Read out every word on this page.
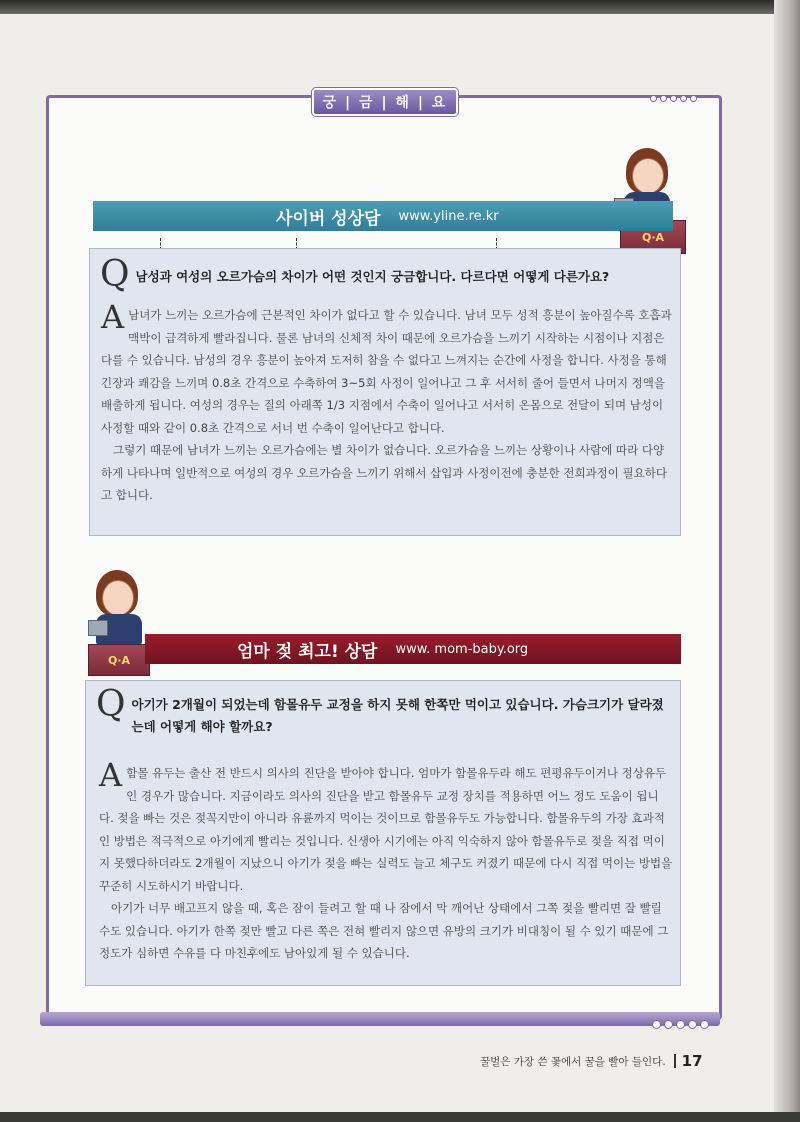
궁 | 금 | 해 | 요
Q·A
사이버 성상담 www.yline.re.kr
Q 남성과 여성의 오르가슴의 차이가 어떤 것인지 궁금합니다. 다르다면 어떻게 다른가요?

A남녀가 느끼는 오르가슴에 근본적인 차이가 없다고 할 수 있습니다. 남녀 모두 성적 흥분이 높아질수록 호흡과 맥박이 급격하게 빨라집니다. 물론 남녀의 신체적 차이 때문에 오르가슴을 느끼기 시작하는 시점이나 지점은 다를 수 있습니다. 남성의 경우 흥분이 높아져 도저히 참을 수 없다고 느껴지는 순간에 사정을 합니다. 사정을 통해 긴장과 쾌감을 느끼며 0.8초 간격으로 수축하여 3~5회 사정이 일어나고 그 후 서서히 줄어 들면서 나머지 정액을 배출하게 됩니다. 여성의 경우는 질의 아래쪽 1/3 지점에서 수축이 일어나고 서서히 온몸으로 전달이 되며 남성이 사정할 때와 같이 0.8초 간격으로 서너 번 수축이 일어난다고 합니다.

그렇기 때문에 남녀가 느끼는 오르가슴에는 별 차이가 없습니다. 오르가슴을 느끼는 상황이나 사람에 따라 다양하게 나타나며 일반적으로 여성의 경우 오르가슴을 느끼기 위해서 삽입과 사정이전에 충분한 전희과정이 필요하다고 합니다.

Q·A	엄마 젖 최고! 상담 www. mom-baby.org
Q 아기가 2개월이 되었는데 함몰유두 교정을 하지 못해 한쪽만 먹이고 있습니다. 가슴크기가 달라졌는데 어떻게 해야 할까요?

A함몰 유두는 출산 전 반드시 의사의 진단을 받아야 합니다. 엄마가 함몰유두라 해도 편평유두이거나 정상유두인 경우가 많습니다. 지금이라도 의사의 진단을 받고 함몰유두 교정 장치를 적용하면 어느 정도 도움이 됩니다. 젖을 빠는 것은 젖꼭지만이 아니라 유륜까지 먹이는 것이므로 함몰유두도 가능합니다. 함몰유두의 가장 효과적인 방법은 적극적으로 아기에게 빨리는 것입니다. 신생아 시기에는 아직 익숙하지 않아 함몰유두로 젖을 직접 먹이지 못했다하더라도 2개월이 지났으니 아기가 젖을 빠는 실력도 늘고 체구도 커졌기 때문에 다시 직접 먹이는 방법을 꾸준히 시도하시기 바랍니다.

아기가 너무 배고프지 않을 때, 혹은 잠이 들려고 할 때 나 잠에서 막 깨어난 상태에서 그쪽 젖을 빨리면 잘 빨릴 수도 있습니다. 아기가 한쪽 젖만 빨고 다른 쪽은 전혀 빨리지 않으면 유방의 크기가 비대칭이 될 수 있기 때문에 그 정도가 심하면 수유를 다 마친후에도 남아있게 될 수 있습니다.

꿀벌은 가장 쓴 꽃에서 꿀을 빨아 들인다. 17
